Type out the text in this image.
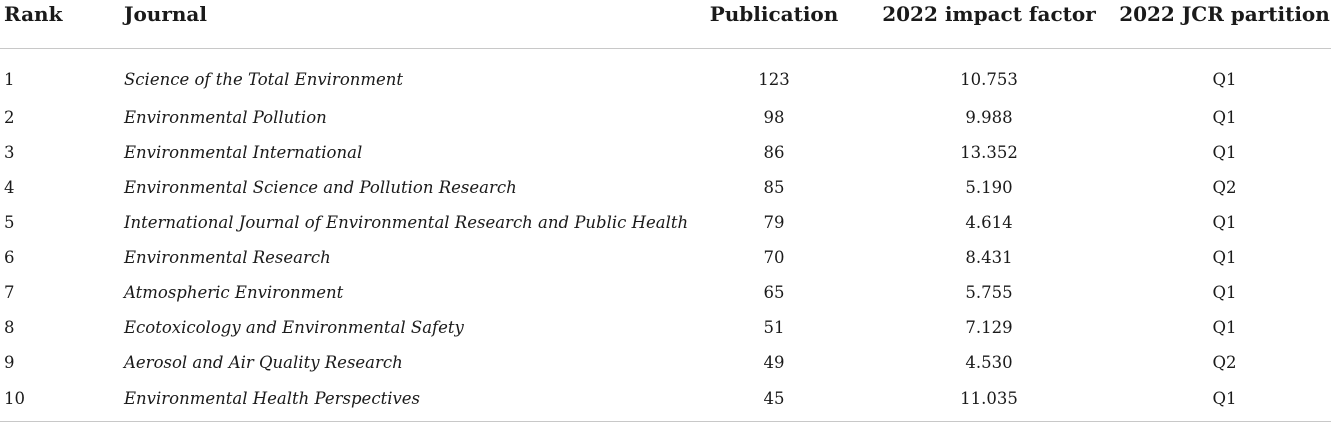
Rank	Journal	Publication	2022 impact factor	2022 JCR partition
1	Science of the Total Environment	123	10.753	Q1
2	Environmental Pollution	98	9.988	Q1
3	Environmental International	86	13.352	Q1
4	Environmental Science and Pollution Research	85	5.190	Q2
5	International Journal of Environmental Research and Public Health	79	4.614	Q1
6	Environmental Research	70	8.431	Q1
7	Atmospheric Environment	65	5.755	Q1
8	Ecotoxicology and Environmental Safety	51	7.129	Q1
9	Aerosol and Air Quality Research	49	4.530	Q2
10	Environmental Health Perspectives	45	11.035	Q1
